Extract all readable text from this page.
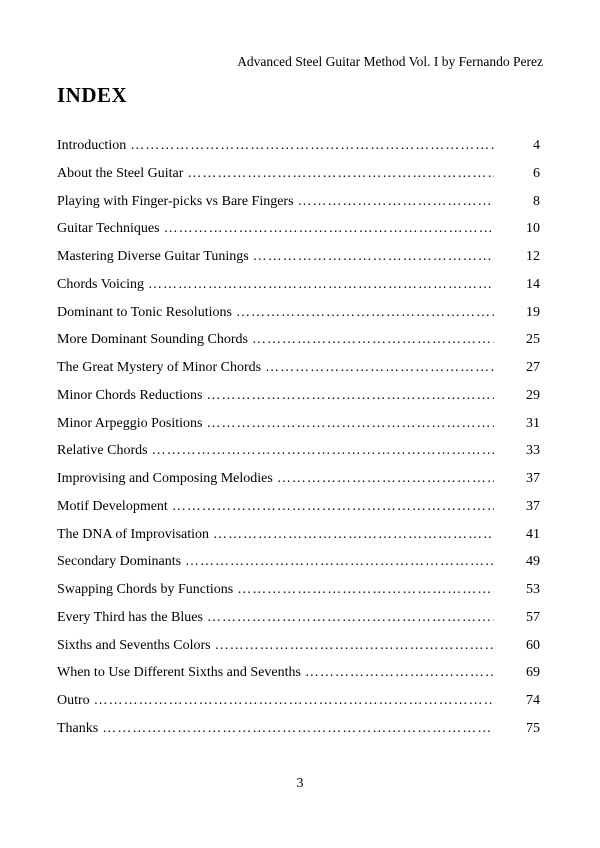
Advanced Steel Guitar Method Vol. I by Fernando Perez
INDEX
Introduction ……………………………………………………………………………………………………………………………………………………………………	4
About the Steel Guitar ……………………………………………………………………………………………………………………………………………………………………	6
Playing with Finger-picks vs Bare Fingers ……………………………………………………………………………………………………………………………………………………………………	8
Guitar Techniques ……………………………………………………………………………………………………………………………………………………………………	10
Mastering Diverse Guitar Tunings ……………………………………………………………………………………………………………………………………………………………………	12
Chords Voicing ……………………………………………………………………………………………………………………………………………………………………	14
Dominant to Tonic Resolutions ……………………………………………………………………………………………………………………………………………………………………	19
More Dominant Sounding Chords ……………………………………………………………………………………………………………………………………………………………………	25
The Great Mystery of Minor Chords ……………………………………………………………………………………………………………………………………………………………………	27
Minor Chords Reductions ……………………………………………………………………………………………………………………………………………………………………	29
Minor Arpeggio Positions ……………………………………………………………………………………………………………………………………………………………………	31
Relative Chords ……………………………………………………………………………………………………………………………………………………………………	33
Improvising and Composing Melodies ……………………………………………………………………………………………………………………………………………………………………	37
Motif Development ……………………………………………………………………………………………………………………………………………………………………	37
The DNA of Improvisation ……………………………………………………………………………………………………………………………………………………………………	41
Secondary Dominants ……………………………………………………………………………………………………………………………………………………………………	49
Swapping Chords by Functions ……………………………………………………………………………………………………………………………………………………………………	53
Every Third has the Blues ……………………………………………………………………………………………………………………………………………………………………	57
Sixths and Sevenths Colors ……………………………………………………………………………………………………………………………………………………………………	60
When to Use Different Sixths and Sevenths ……………………………………………………………………………………………………………………………………………………………………	69
Outro ……………………………………………………………………………………………………………………………………………………………………	74
Thanks ……………………………………………………………………………………………………………………………………………………………………	75
3
